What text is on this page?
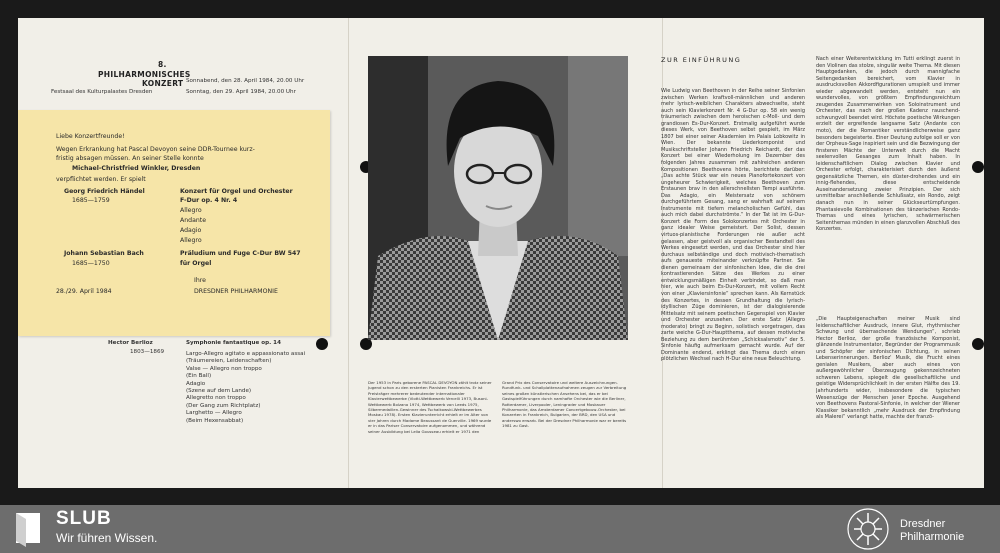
8.
PHILHARMONISCHES
KONZERT Sonnabend, den 28. April 1984, 20.00 Uhr
Festsaal des Kulturpalastes Dresden	Sonntag, den 29. April 1984, 20.00 Uhr
Liebe Konzertfreunde!
Wegen Erkrankung hat Pascal Devoyon seine DDR-Tournee kurz-
fristig absagen müssen. An seiner Stelle konnte
Michael-Christfried Winkler, Dresden
verpflichtet werden. Er spielt
Georg Friedrich Händel
1685—1759
Konzert für Orgel und Orchester
F-Dur op. 4 Nr. 4
Allegro
Andante
Adagio
Allegro
Johann Sebastian Bach
1685—1750
Präludium und Fuge C-Dur BW 547
für Orgel
Ihre
28./29. April 1984	DRESDNER PHILHARMONIE
Hector Berlioz
1803—1869
Symphonie fantastique op. 14
Largo-Allegro agitato e appassionato assai
(Träumereien, Leidenschaften)
Valse — Allegro non troppo
(Ein Ball)
Adagio
(Szene auf dem Lande)
Allegretto non troppo
(Der Gang zum Richtplatz)
Larghetto — Allegro
(Beim Hexensabbat)
Der 1953 in Paris geborene PASCAL DEVOYON zählt trotz seiner Jugend schon zu den ersterten Pianisten Frankreichs. Er ist Preisträger mehrerer bedeutender internationaler Klavierwettbewerbe (Viotti-Wettbewerb Vercelli 1973, Busoni-Wettbewerb Bolzano 1974, Wettbewerb von Leeds 1975, Silbermedaillen-Gewinner des Tschaikowski-Wettbewerbes Moskau 1978). Ersten Klavierunterricht erhielt er im Alter von vier Jahren durch Madame Beaussant de Guerville. 1969 wurde er in das Pariser Conservatoire aufgenommen, und während seiner Ausbildung bei Lelia Gousseau erhielt er 1971 den
Grand Prix des Conservatoire und weitere Auszeichnungen. Rundfunk- und Schallplattenaufnahmen zeugen zur Verbreitung seines großen künstlerischen Ansehens bei, das er bei Gastspielführungen durch namhafte Orchester wie die Berliner, Rotterdamer, Liverpooler, Leningrader und Moskauer Philharmonie, das Amsterdamer Concertgebouw-Orchester, bei Konzerten in Frankreich, Bulgarien, der BRD, den USA und anderswo erwarb. Bei der Dresdner Philharmonie war er bereits 1981 zu Gast.
ZUR EINFÜHRUNG
Wie Ludwig van Beethoven in der Reihe seiner Sinfonien zwischen Werken kraftvoll-männlichen und anderen mehr lyrisch-weiblichen Charakters abwechselte, steht auch sein Klavierkonzert Nr. 4 G-Dur op. 58 ein wenig träumerisch zwischen dem heroischen c-Moll- und dem grandiosen Es-Dur-Konzert. Erstmalig aufgeführt wurde dieses Werk, von Beethoven selbst gespielt, im März 1807 bei einer seiner Akademien im Palais Lobkowitz in Wien. Der bekannte Liederkomponist und Musikschriftsteller Johann Friedrich Reichardt, der das Konzert bei einer Wiederholung im Dezember des folgenden Jahres zusammen mit zahlreichen anderen Kompositionen Beethovens hörte, berichtete darüber: „Das achte Stück war ein neues Pianofortekonzert von ungeheurer Schwierigkeit, welches Beethoven zum Erstaunen brav in den allerschnellsten Tempi ausführte. Das Adagio, ein Meistersatz von schönem durchgeführtem Gesang, sang er wahrhaft auf seinem Instrumente mit tiefem melancholischen Gefühl, das auch mich dabei durchströmte.“ In der Tat ist im G-Dur-Konzert die Form des Solokonzertes mit Orchester in ganz idealer Weise gemeistert. Der Solist, dessen virtuos-pianistische Forderungen nie außer acht gelassen, aber geistvoll als organischer Bestandteil des Werkes eingesetzt werden, und das Orchester sind hier durchaus selbständige und doch motivisch-thematisch aufs genaueste miteinander verknüpfte Partner. Sie dienen gemeinsam der sinfonischen Idee, die die drei kontrastierenden Sätze des Werkes zu einer entwicklungsmäßigen Einheit verbindet, so daß man hier, wie auch beim Es-Dur-Konzert, mit vollem Recht von einer „Klaviersinfonie“ sprechen kann. Als Kernstück des Konzertes, in dessen Grundhaltung die lyrisch-idyllischen Züge dominieren, ist der dialogisierende Mittelsatz mit seinem poetischen Gegenspiel von Klavier und Orchester anzusehen. Der erste Satz (Allegro moderato) bringt zu Beginn, solistisch vorgetragen, das zarte weiche G-Dur-Hauptthema, auf dessen motivische Beziehung zu dem berühmten „Schicksalsmotiv“ der 5. Sinfonie häufig aufmerksam gemacht wurde. Auf der Dominante endend, erklingt das Thema durch einen plötzlichen Wechsel nach H-Dur eine neue Beleuchtung.
Nach einer Weiterentwicklung im Tutti erklingt zuerst in den Violinen das stolze, singulär weite Thema. Mit diesen Hauptgedanken, die jedoch durch mannigfache Seitengedanken bereichert, vom Klavier in ausdrucksvollen Akkordfigurationen umspielt und immer wieder abgewandelt werden, entsteht nun ein wundervolles, von größtem Empfindungsreichtum zeugendes Zusammenwirken von Soloinstrument und Orchester, das nach der großen Kadenz rauschend-schwungvoll beendet wird. Höchste poetische Wirkungen erzielt der ergreifende langsame Satz (Andante con moto), der die Romantiker verständlicherweise ganz besonders begeisterte. Einer Deutung zufolge soll er von der Orpheus-Sage inspiriert sein und die Bezwingung der finsteren Mächte der Unterwelt durch die Macht seelenvollen Gesanges zum Inhalt haben. In leidenschaftlichem Dialog zwischen Klavier und Orchester erfolgt, charakterisiert durch den äußerst gegensätzliche Themen, ein düster-drohendes und ein innig-flehendes, diese entscheidende Auseinandersetzung zweier Prinzipien. Der sich unmittelbar anschließende Schlußsatz, ein Rondo, zeigt danach nun in seiner Glückseurtümpfungen. Phantasievolle Kombinationen des tänzerischen Rondo-Themas und eines lyrischen, schwärmerischen Seitenthemas münden in einen glanzvollen Abschluß des Konzertes.
„Die Haupteigenschaften meiner Musik sind leidenschaftlicher Ausdruck, innere Glut, rhythmischer Schwung und überraschende Wendungen“, schrieb Hector Berlioz, der große französische Komponist, glänzende Instrumentator, Begründer der Programmusik und Schöpfer der sinfonischen Dichtung, in seinen Lebenserinnerungen. Berlioz' Musik, die Frucht eines genialen Musikers, aber auch eines von außergewöhnlicher Überzeugung gekennzeichneten schweren Lebens, spiegelt die gesellschaftliche und geistige Widersprüchlichkeit in der ersten Hälfte des 19. Jahrhunderts wider, insbesondere die typischen Wesenszüge der Menschen jener Epoche. Ausgehend von Beethovens Pastoral-Sinfonie, in welcher der Wiener Klassiker bekanntlich „mehr Ausdruck der Empfindung als Malerei“ verlangt hatte, machte der franzö-
SLUB
Wir führen Wissen.
Dresdner
Philharmonie
